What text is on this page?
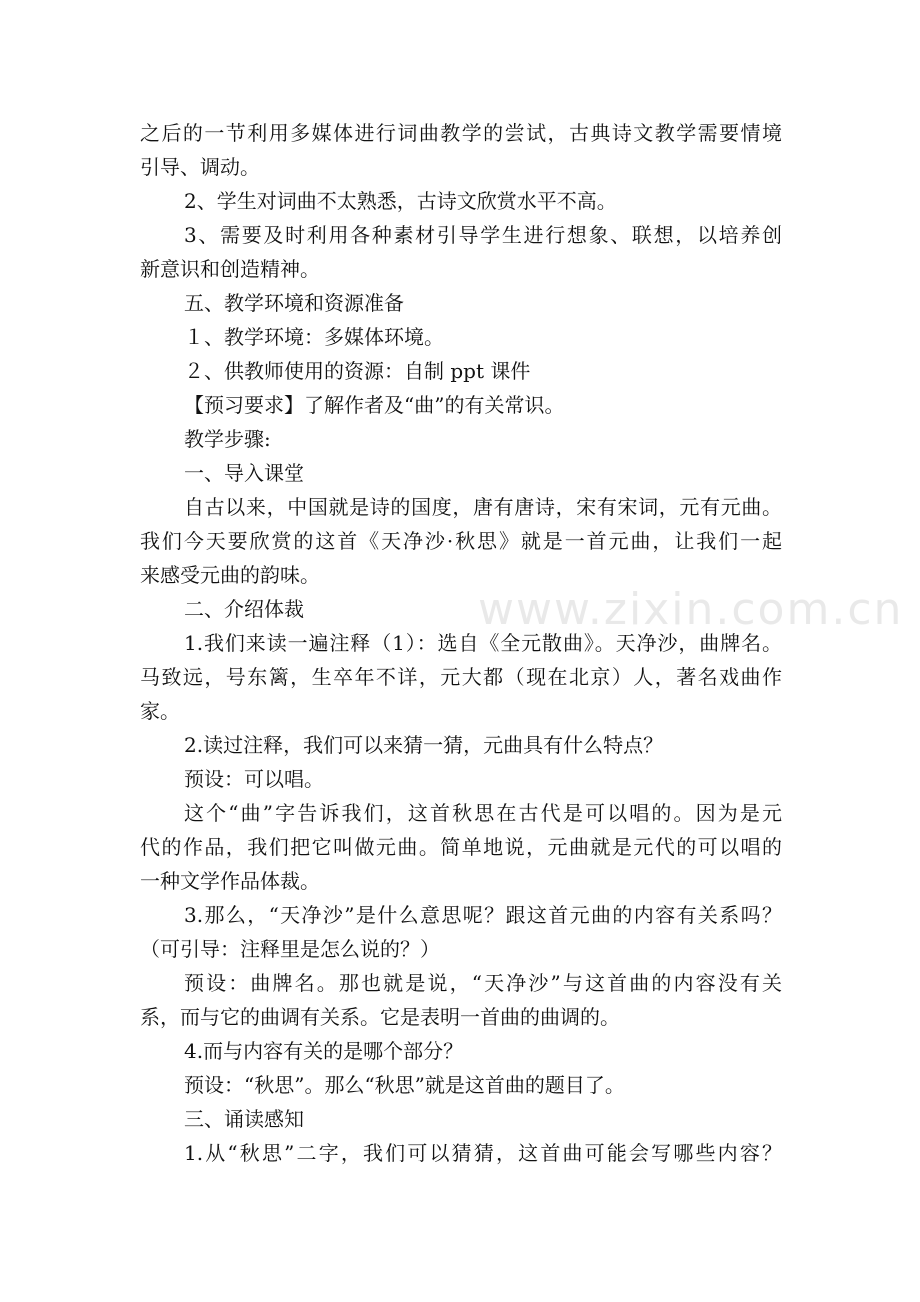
www.zixin.com.cn
之后的一节利用多媒体进行词曲教学的尝试，古典诗文教学需要情境
引导、调动。
2、学生对词曲不太熟悉，古诗文欣赏水平不高。
3、需要及时利用各种素材引导学生进行想象、联想，以培养创
新意识和创造精神。
五、教学环境和资源准备
１、教学环境：多媒体环境。
２、供教师使用的资源：自制 ppt 课件
【预习要求】了解作者及“曲”的有关常识。
教学步骤:
一、导入课堂
自古以来，中国就是诗的国度，唐有唐诗，宋有宋词，元有元曲。
我们今天要欣赏的这首《天净沙·秋思》就是一首元曲，让我们一起
来感受元曲的韵味。
二、介绍体裁
1.我们来读一遍注释（1）：选自《全元散曲》。天净沙，曲牌名。
马致远，号东篱，生卒年不详，元大都（现在北京）人，著名戏曲作
家。
2.读过注释，我们可以来猜一猜，元曲具有什么特点？
预设：可以唱。
这个“曲”字告诉我们，这首秋思在古代是可以唱的。因为是元
代的作品，我们把它叫做元曲。简单地说，元曲就是元代的可以唱的
一种文学作品体裁。
3.那么，“天净沙”是什么意思呢？跟这首元曲的内容有关系吗？
（可引导：注释里是怎么说的？）
预设：曲牌名。那也就是说，“天净沙”与这首曲的内容没有关
系，而与它的曲调有关系。它是表明一首曲的曲调的。
4.而与内容有关的是哪个部分？
预设：“秋思”。那么“秋思”就是这首曲的题目了。
三、诵读感知
1.从“秋思”二字，我们可以猜猜，这首曲可能会写哪些内容？
